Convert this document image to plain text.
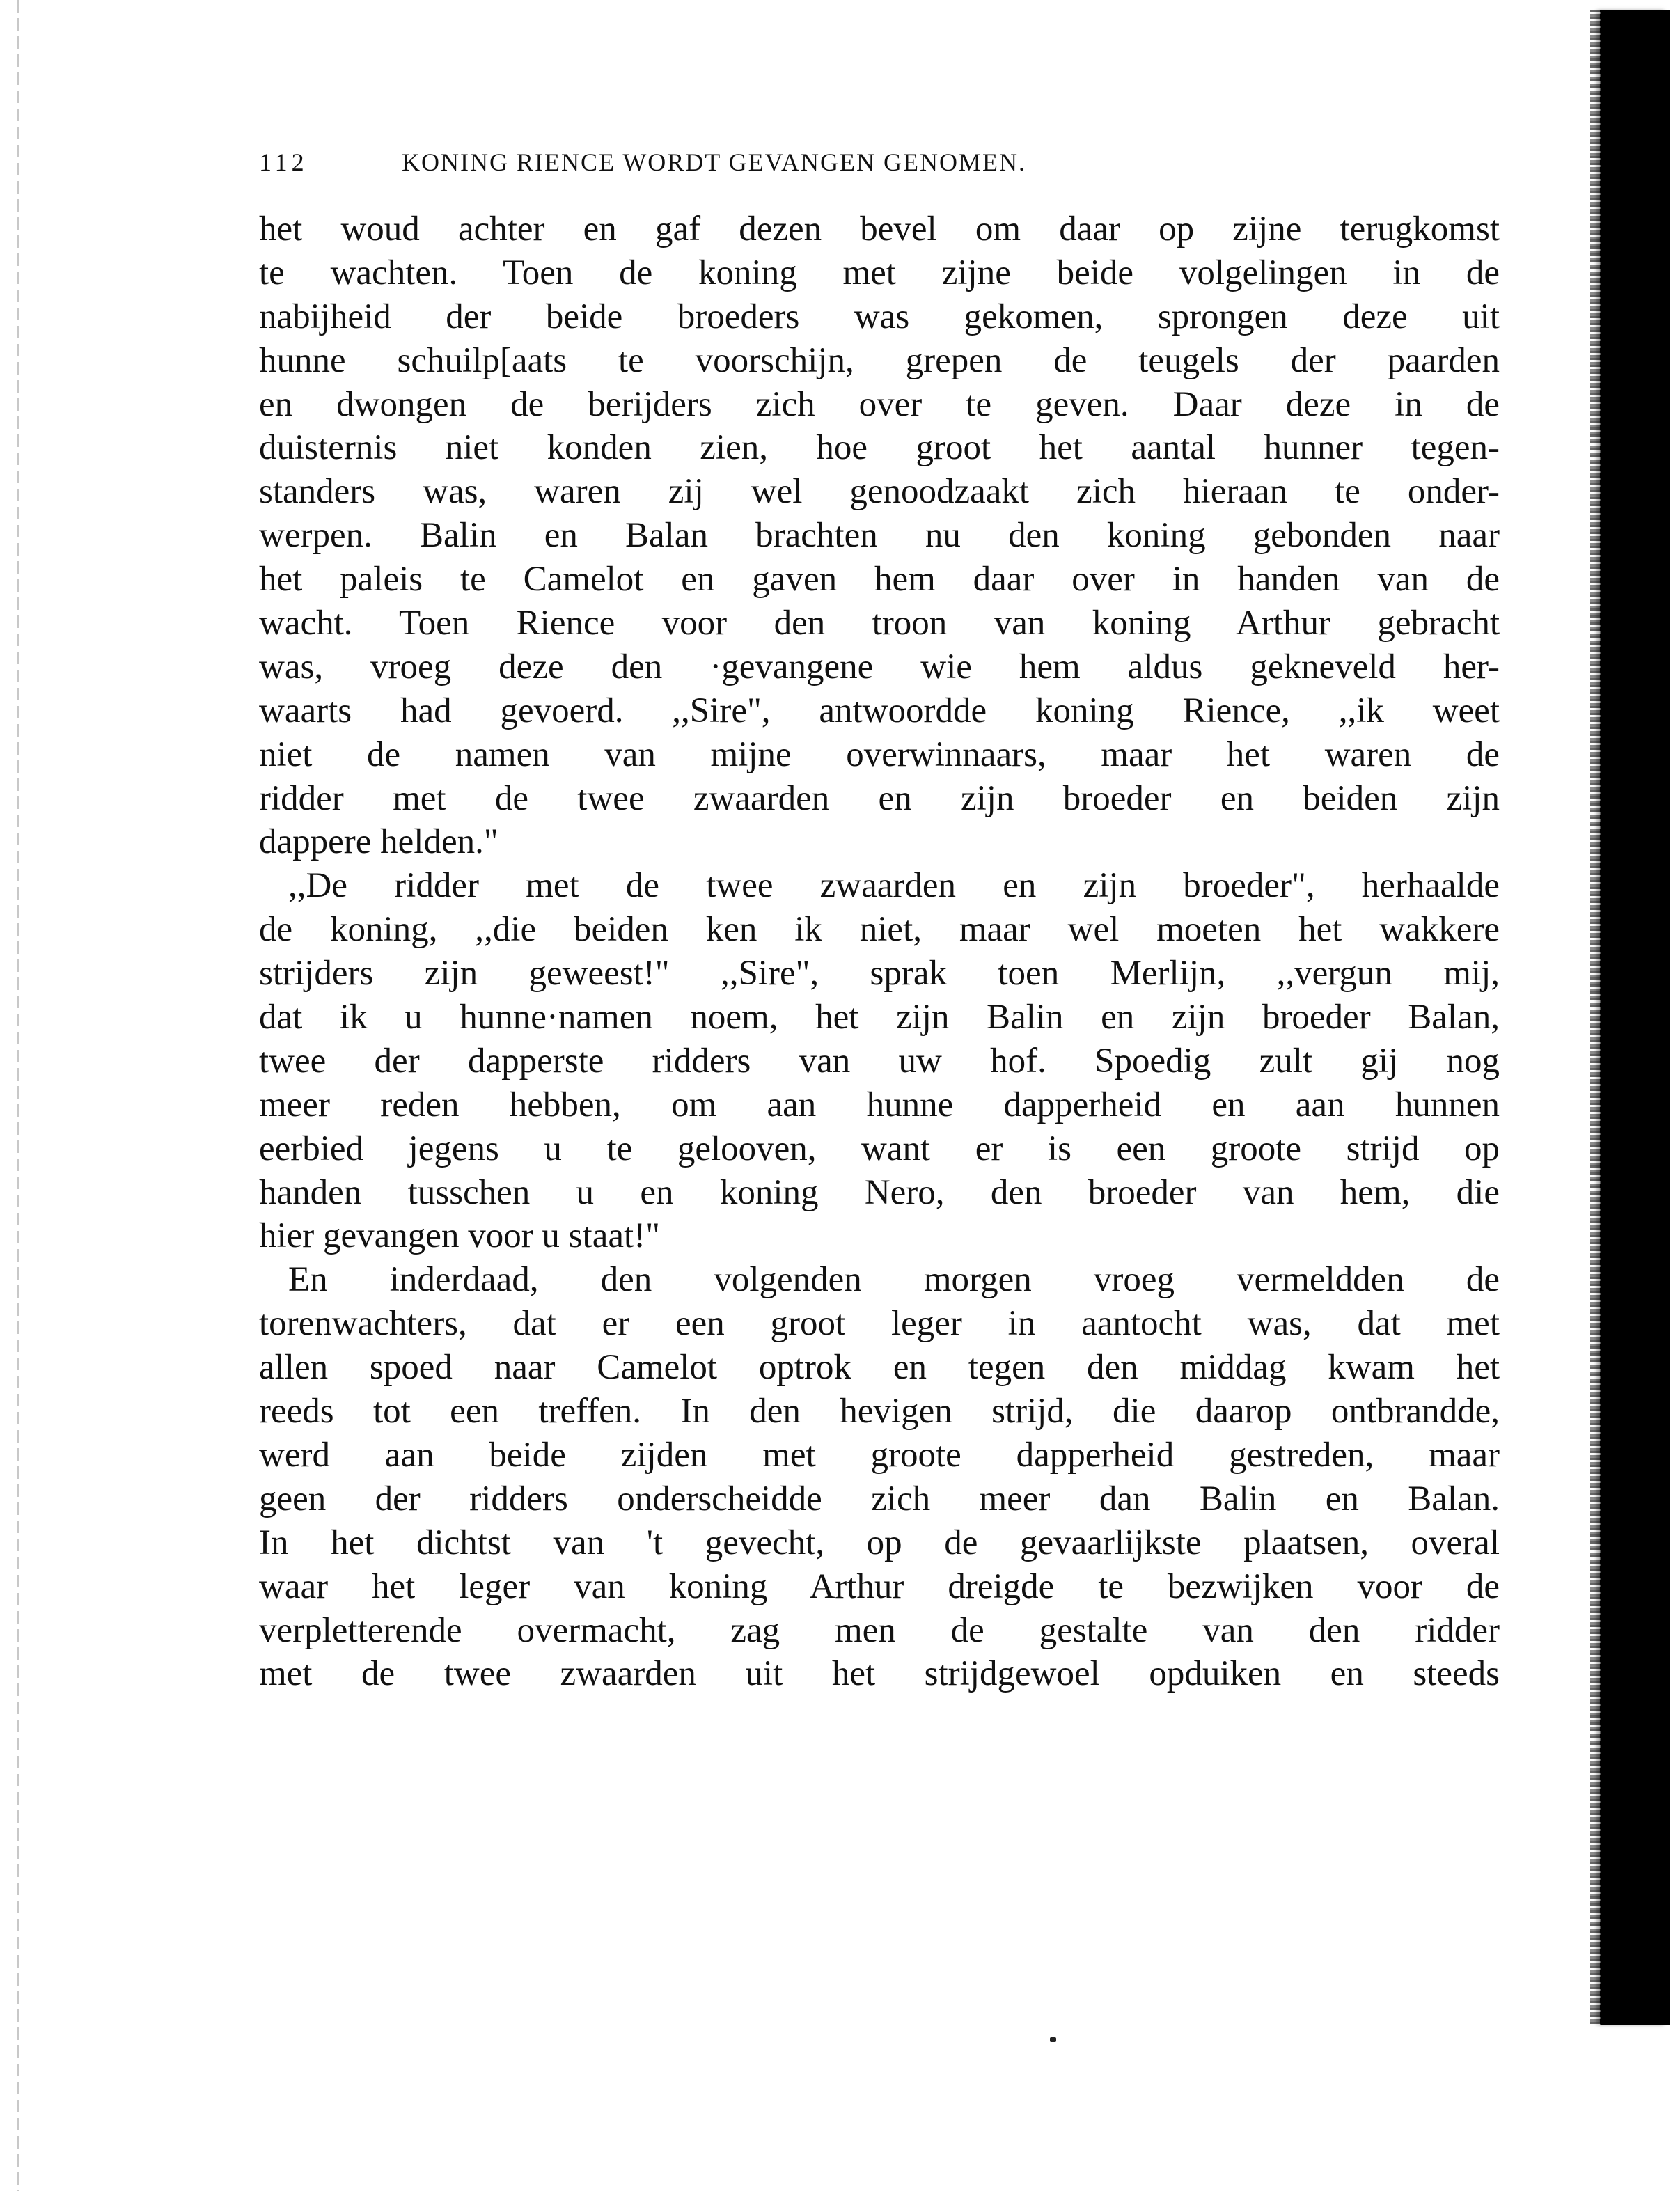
112	KONING RIENCE WORDT GEVANGEN GENOMEN.
het woud achter en gaf dezen bevel om daar op zijne terugkomst
te wachten. Toen de koning met zijne beide volgelingen in de
nabijheid der beide broeders was gekomen, sprongen deze uit
hunne schuilp[aats te voorschijn, grepen de teugels der paarden
en dwongen de berijders zich over te geven. Daar deze in de
duisternis niet konden zien, hoe groot het aantal hunner tegen-
standers was, waren zij wel genoodzaakt zich hieraan te onder-
werpen. Balin en Balan brachten nu den koning gebonden naar
het paleis te Camelot en gaven hem daar over in handen van de
wacht. Toen Rience voor den troon van koning Arthur gebracht
was, vroeg deze den ·gevangene wie hem aldus gekneveld her-
waarts had gevoerd. ,,Sire", antwoordde koning Rience, ,,ik weet
niet de namen van mijne overwinnaars, maar het waren de
ridder met de twee zwaarden en zijn broeder en beiden zijn
dappere helden."
,,De ridder met de twee zwaarden en zijn broeder", herhaalde
de koning, ,,die beiden ken ik niet, maar wel moeten het wakkere
strijders zijn geweest!" ,,Sire", sprak toen Merlijn, ,,vergun mij,
dat ik u hunne·namen noem, het zijn Balin en zijn broeder Balan,
twee der dapperste ridders van uw hof. Spoedig zult gij nog
meer reden hebben, om aan hunne dapperheid en aan hunnen
eerbied jegens u te gelooven, want er is een groote strijd op
handen tusschen u en koning Nero, den broeder van hem, die
hier gevangen voor u staat!"
En inderdaad, den volgenden morgen vroeg vermeldden de
torenwachters, dat er een groot leger in aantocht was, dat met
allen spoed naar Camelot optrok en tegen den middag kwam het
reeds tot een treffen. In den hevigen strijd, die daarop ontbrandde,
werd aan beide zijden met groote dapperheid gestreden, maar
geen der ridders onderscheidde zich meer dan Balin en Balan.
In het dichtst van 't gevecht, op de gevaarlijkste plaatsen, overal
waar het leger van koning Arthur dreigde te bezwijken voor de
verpletterende overmacht, zag men de gestalte van den ridder
met de twee zwaarden uit het strijdgewoel opduiken en steeds
